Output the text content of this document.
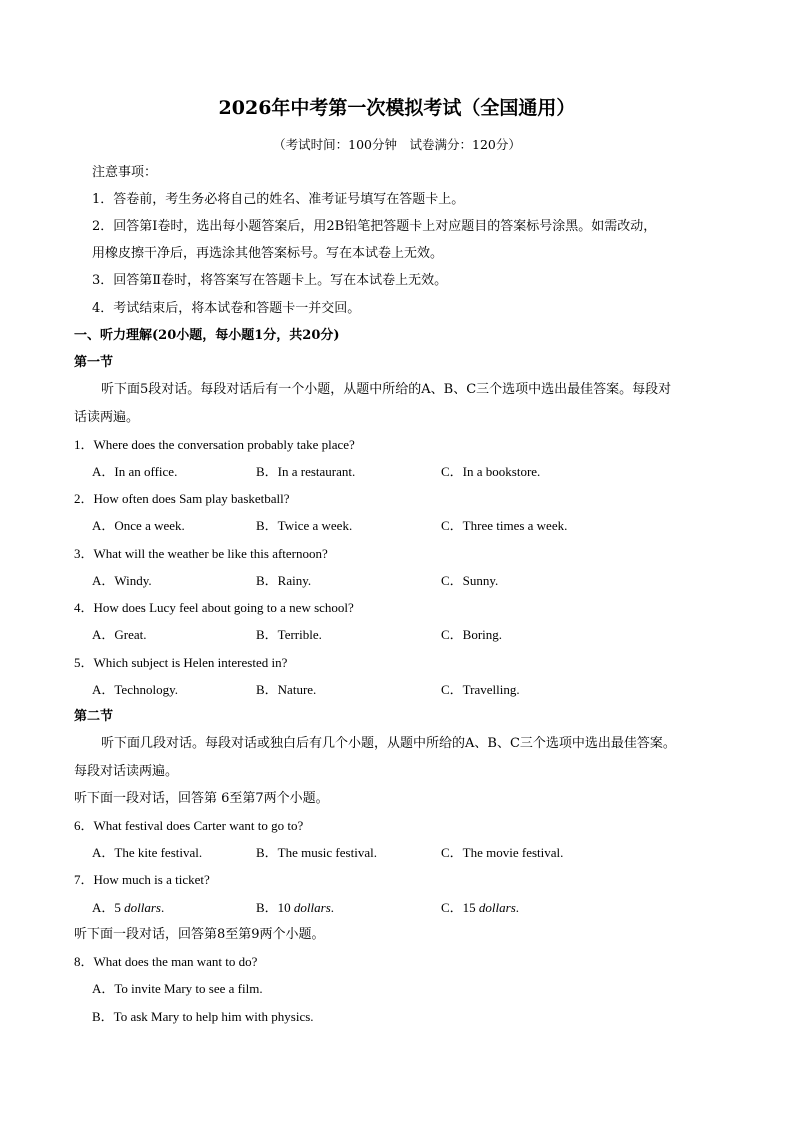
2026年中考第一次模拟考试（全国通用）
（考试时间：100分钟　试卷满分：120分）
注意事项：
1．答卷前，考生务必将自己的姓名、准考证号填写在答题卡上。
2．回答第Ⅰ卷时，选出每小题答案后，用2B铅笔把答题卡上对应题目的答案标号涂黑。如需改动，
用橡皮擦干净后，再选涂其他答案标号。写在本试卷上无效。
3．回答第Ⅱ卷时，将答案写在答题卡上。写在本试卷上无效。
4．考试结束后，将本试卷和答题卡一并交回。
一、听力理解(20小题，每小题1分，共20分)
第一节
听下面5段对话。每段对话后有一个小题，从题中所给的A、B、C三个选项中选出最佳答案。每段对
话读两遍。
1．Where does the conversation probably take place?
A．In an office.	B．In a restaurant.	C．In a bookstore.
2．How often does Sam play basketball?
A．Once a week.	B．Twice a week.	C．Three times a week.
3．What will the weather be like this afternoon?
A．Windy.	B．Rainy.	C．Sunny.
4．How does Lucy feel about going to a new school?
A．Great.	B．Terrible.	C．Boring.
5．Which subject is Helen interested in?
A．Technology.	B．Nature.	C．Travelling.
第二节
听下面几段对话。每段对话或独白后有几个小题，从题中所给的A、B、C三个选项中选出最佳答案。
每段对话读两遍。
听下面一段对话，回答第 6至第7两个小题。
6．What festival does Carter want to go to?
A．The kite festival.	B．The music festival.	C．The movie festival.
7．How much is a ticket?
A．5 dollars.	B．10 dollars.	C．15 dollars.
听下面一段对话，回答第8至第9两个小题。
8．What does the man want to do?
A．To invite Mary to see a film.
B．To ask Mary to help him with physics.
